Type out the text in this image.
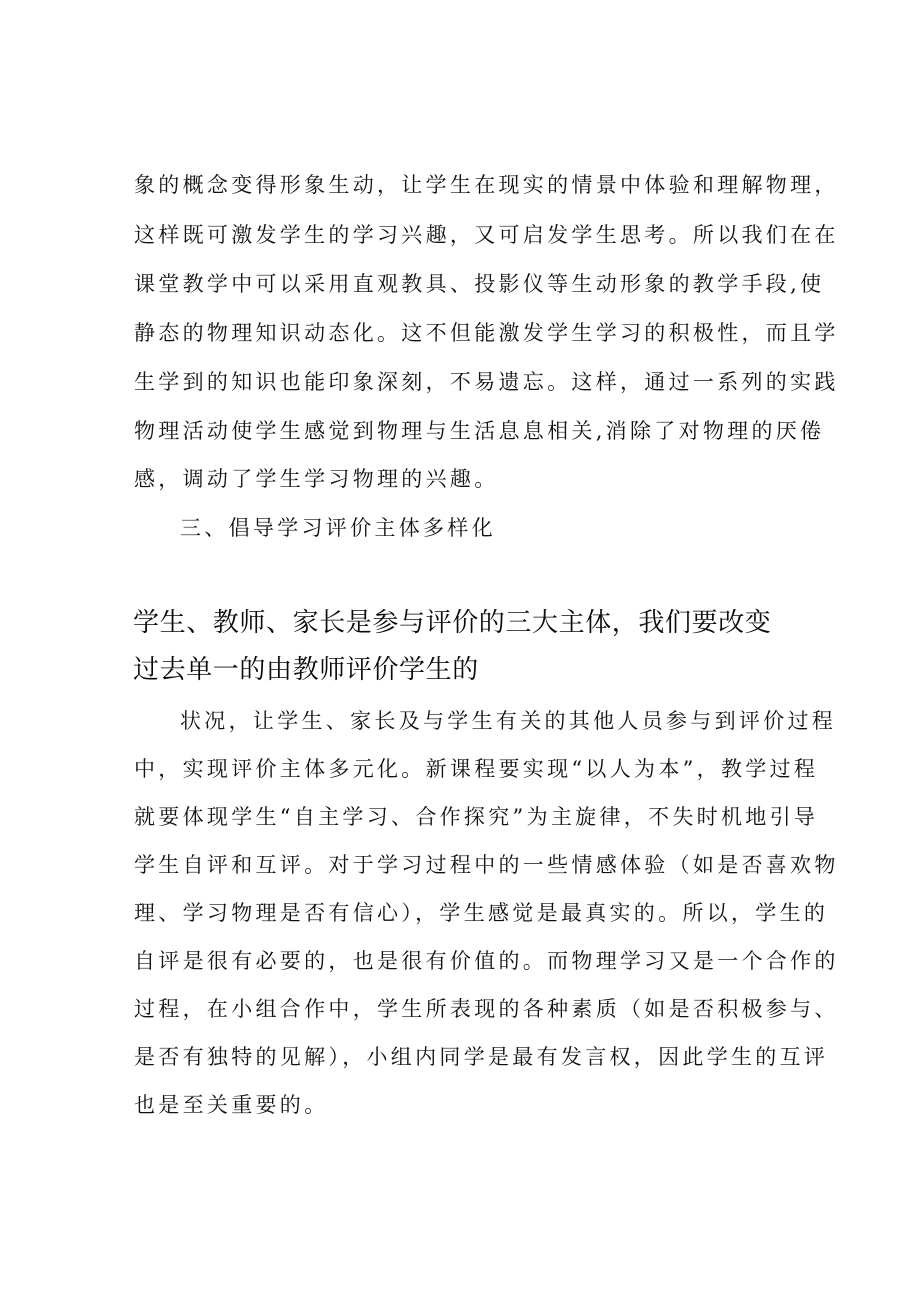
象的概念变得形象生动，让学生在现实的情景中体验和理解物理，
这样既可激发学生的学习兴趣，又可启发学生思考。所以我们在在
课堂教学中可以采用直观教具、投影仪等生动形象的教学手段,使
静态的物理知识动态化。这不但能激发学生学习的积极性，而且学
生学到的知识也能印象深刻，不易遗忘。这样，通过一系列的实践
物理活动使学生感觉到物理与生活息息相关,消除了对物理的厌倦
感，调动了学生学习物理的兴趣。
三、倡导学习评价主体多样化
学生、教师、家长是参与评价的三大主体，我们要改变
过去单一的由教师评价学生的
状况，让学生、家长及与学生有关的其他人员参与到评价过程
中，实现评价主体多元化。新课程要实现“以人为本”，教学过程
就要体现学生“自主学习、合作探究”为主旋律，不失时机地引导
学生自评和互评。对于学习过程中的一些情感体验（如是否喜欢物
理、学习物理是否有信心），学生感觉是最真实的。所以，学生的
自评是很有必要的，也是很有价值的。而物理学习又是一个合作的
过程，在小组合作中，学生所表现的各种素质（如是否积极参与、
是否有独特的见解），小组内同学是最有发言权，因此学生的互评
也是至关重要的。
